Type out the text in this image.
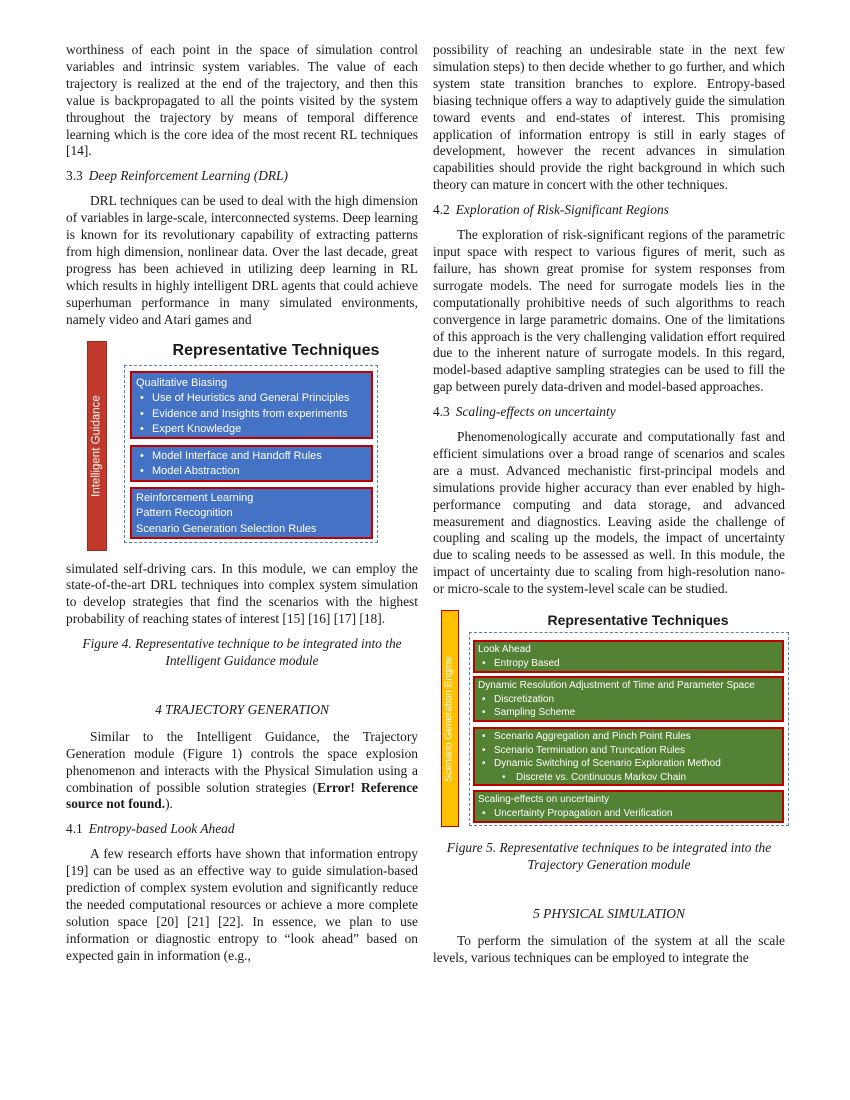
worthiness of each point in the space of simulation control variables and intrinsic system variables. The value of each trajectory is realized at the end of the trajectory, and then this value is backpropagated to all the points visited by the system throughout the trajectory by means of temporal difference learning which is the core idea of the most recent RL techniques [14].

3.3 Deep Reinforcement Learning (DRL)

DRL techniques can be used to deal with the high dimension of variables in large-scale, interconnected systems. Deep learning is known for its revolutionary capability of extracting patterns from high dimension, nonlinear data. Over the last decade, great progress has been achieved in utilizing deep learning in RL which results in highly intelligent DRL agents that could achieve superhuman performance in many simulated environments, namely video and Atari games and

Representative Techniques
Intelligent Guidance
Qualitative Biasing
• Use of Heuristics and General Principles
• Evidence and Insights from experiments
• Expert Knowledge
• Model Interface and Handoff Rules
• Model Abstraction
Reinforcement Learning
Pattern Recognition
Scenario Generation Selection Rules

simulated self-driving cars. In this module, we can employ the state-of-the-art DRL techniques into complex system simulation to develop strategies that find the scenarios with the highest probability of reaching states of interest [15] [16] [17] [18].

Figure 4. Representative technique to be integrated into the

Intelligent Guidance module

4 TRAJECTORY GENERATION

Similar to the Intelligent Guidance, the Trajectory Generation module (Figure 1) controls the space explosion phenomenon and interacts with the Physical Simulation using a combination of possible solution strategies (Error! Reference source not found.).

4.1 Entropy-based Look Ahead

A few research efforts have shown that information entropy [19] can be used as an effective way to guide simulation-based prediction of complex system evolution and significantly reduce the needed computational resources or achieve a more complete solution space [20] [21] [22]. In essence, we plan to use information or diagnostic entropy to “look ahead” based on expected gain in information (e.g.,

possibility of reaching an undesirable state in the next few simulation steps) to then decide whether to go further, and which system state transition branches to explore. Entropy-based biasing technique offers a way to adaptively guide the simulation toward events and end-states of interest. This promising application of information entropy is still in early stages of development, however the recent advances in simulation capabilities should provide the right background in which such theory can mature in concert with the other techniques.

4.2 Exploration of Risk-Significant Regions

The exploration of risk-significant regions of the parametric input space with respect to various figures of merit, such as failure, has shown great promise for system responses from surrogate models. The need for surrogate models lies in the computationally prohibitive needs of such algorithms to reach convergence in large parametric domains. One of the limitations of this approach is the very challenging validation effort required due to the inherent nature of surrogate models. In this regard, model-based adaptive sampling strategies can be used to fill the gap between purely data-driven and model-based approaches.

4.3 Scaling-effects on uncertainty

Phenomenologically accurate and computationally fast and efficient simulations over a broad range of scenarios and scales are a must. Advanced mechanistic first-principal models and simulations provide higher accuracy than ever enabled by high-performance computing and data storage, and advanced measurement and diagnostics. Leaving aside the challenge of coupling and scaling up the models, the impact of uncertainty due to scaling needs to be assessed as well. In this module, the impact of uncertainty due to scaling from high-resolution nano- or micro-scale to the system-level scale can be studied.

Representative Techniques
Scenario Generation Engine
Look Ahead
• Entropy Based
Dynamic Resolution Adjustment of Time and Parameter Space
• Discretization
• Sampling Scheme
• Scenario Aggregation and Pinch Point Rules
• Scenario Termination and Truncation Rules
• Dynamic Switching of Scenario Exploration Method
• Discrete vs. Continuous Markov Chain
Scaling-effects on uncertainty
• Uncertainty Propagation and Verification

Figure 5. Representative techniques to be integrated into the

Trajectory Generation module

5 PHYSICAL SIMULATION

To perform the simulation of the system at all the scale levels, various techniques can be employed to integrate the
